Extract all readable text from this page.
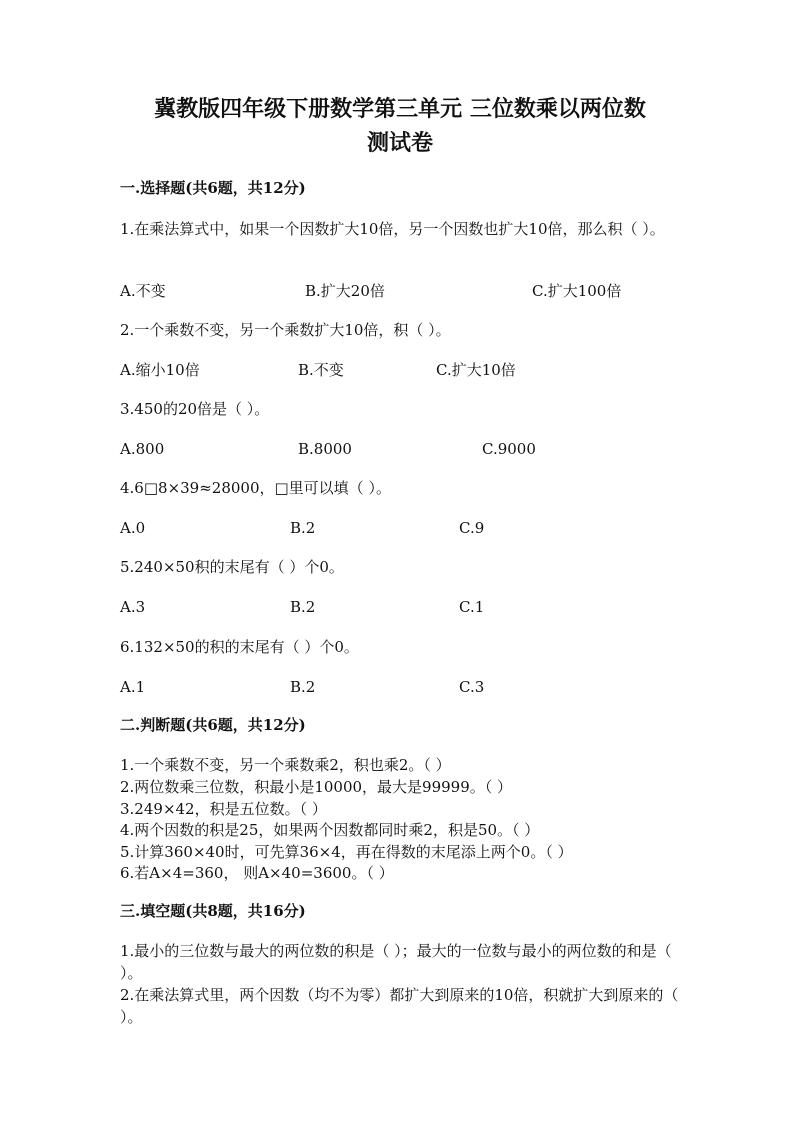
冀教版四年级下册数学第三单元 三位数乘以两位数
测试卷
一.选择题(共6题，共12分)
1.在乘法算式中，如果一个因数扩大10倍，另一个因数也扩大10倍，那么积（ ）。
A.不变	B.扩大20倍	C.扩大100倍
2.一个乘数不变，另一个乘数扩大10倍，积（ ）。
A.缩小10倍	B.不变	C.扩大10倍
3.450的20倍是（ ）。
A.800	B.8000	C.9000
4.6□8×39≈28000，□里可以填（ ）。
A.0	B.2	C.9
5.240×50积的末尾有（ ）个0。
A.3	B.2	C.1
6.132×50的积的末尾有（ ）个0。
A.1	B.2	C.3
二.判断题(共6题，共12分)
1.一个乘数不变，另一个乘数乘2，积也乘2。（ ）
2.两位数乘三位数，积最小是10000，最大是99999。（ ）
3.249×42，积是五位数。（ ）
4.两个因数的积是25，如果两个因数都同时乘2，积是50。（ ）
5.计算360×40时，可先算36×4，再在得数的末尾添上两个0。（ ）
6.若A×4=360， 则A×40=3600。（ ）
三.填空题(共8题，共16分)
1.最小的三位数与最大的两位数的积是（ ）；最大的一位数与最小的两位数的和是（ ）。
2.在乘法算式里，两个因数（均不为零）都扩大到原来的10倍，积就扩大到原来的（ ）。
